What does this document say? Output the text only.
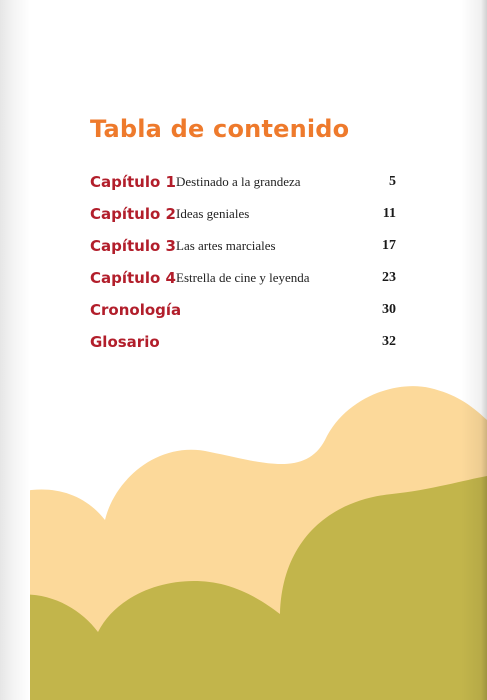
Tabla de contenido
Capítulo 1 Destinado a la grandeza	5
Capítulo 2 Ideas geniales	11
Capítulo 3 Las artes marciales	17
Capítulo 4 Estrella de cine y leyenda	23
Cronología	30
Glosario	32
